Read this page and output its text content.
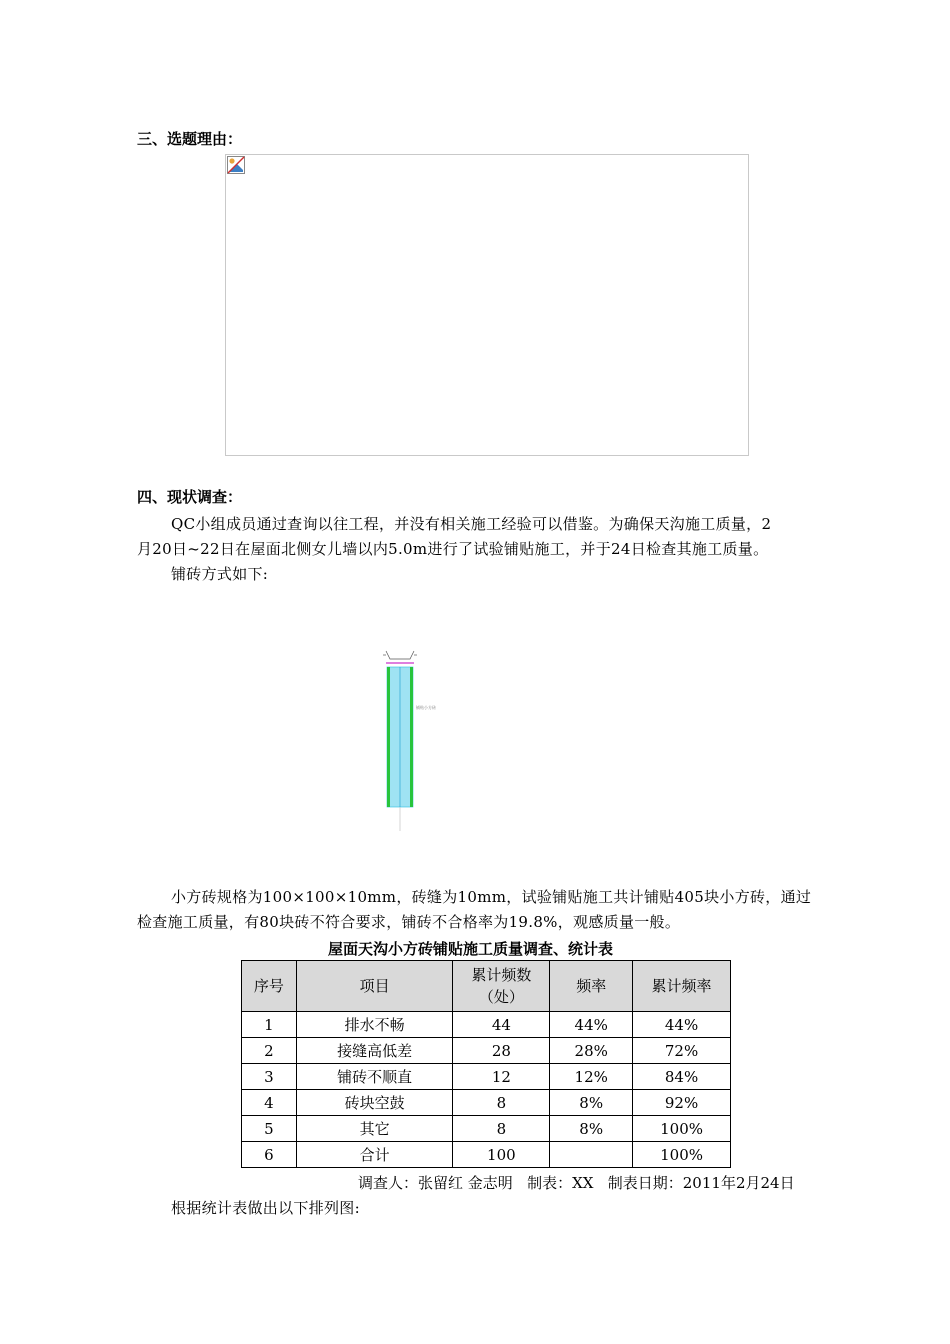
三、选题理由：
四、现状调查：
QC小组成员通过查询以往工程，并没有相关施工经验可以借鉴。为确保天沟施工质量，2
月20日~22日在屋面北侧女儿墙以内5.0m进行了试验铺贴施工，并于24日检查其施工质量。
铺砖方式如下:
铺贴小方砖
小方砖规格为100×100×10mm，砖缝为10mm，试验铺贴施工共计铺贴405块小方砖，通过
检查施工质量，有80块砖不符合要求，铺砖不合格率为19.8%，观感质量一般。
屋面天沟小方砖铺贴施工质量调查、统计表
序号	项目	累计频数（处）	频率	累计频率
1	排水不畅	44	44%	44%
2	接缝高低差	28	28%	72%
3	铺砖不顺直	12	12%	84%
4	砖块空鼓	8	8%	92%
5	其它	8	8%	100%
6	合计	100		100%
调查人：张留红 金志明 制表：XX 制表日期：2011年2月24日
根据统计表做出以下排列图:
